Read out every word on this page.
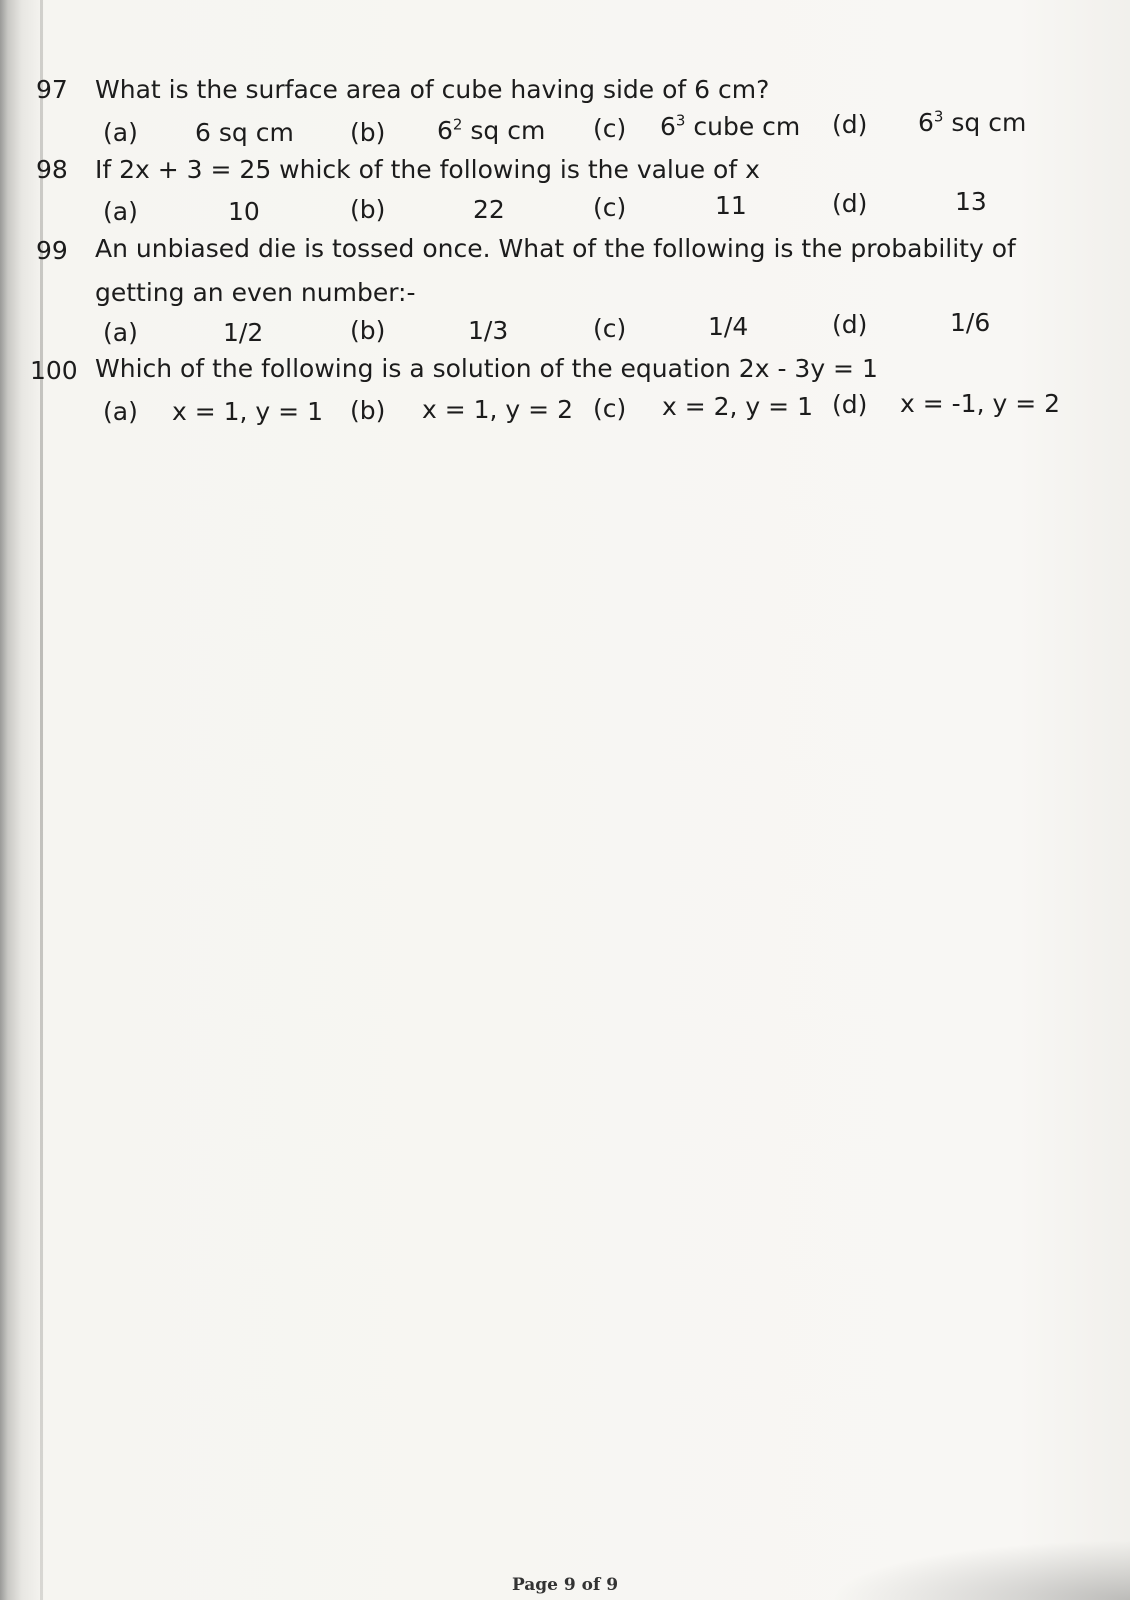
97 What is the surface area of cube having side of 6 cm?
(a) 6 sq cm (b) $6^2$ sq cm (c) $6^3$ cube cm (d) $6^3$ sq cm
98 If 2x + 3 = 25 whick of the following is the value of x
(a)	10	(b)	22	(c)	11	(d)	13
99 An unbiased die is tossed once. What of the following is the probability of
getting an even number:-
(a)	1/2	(b)	1/3	(c)	1/4	(d)	1/6
100 Which of the following is a solution of the equation 2x - 3y = 1
(a) x = 1, y = 1 (b) x = 1, y = 2 (c) x = 2, y = 1 (d) x = -1, y = 2
Page 9 of 9
